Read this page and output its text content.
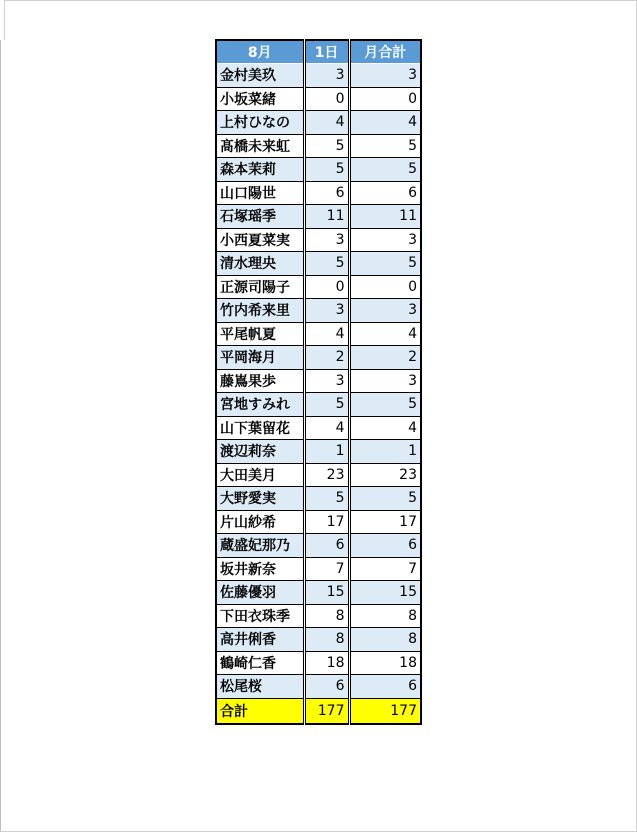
8月	1日	月合計
金村美玖	3	3
小坂菜緒	0	0
上村ひなの	4	4
髙橋未来虹	5	5
森本茉莉	5	5
山口陽世	6	6
石塚瑶季	11	11
小西夏菜実	3	3
清水理央	5	5
正源司陽子	0	0
竹内希来里	3	3
平尾帆夏	4	4
平岡海月	2	2
藤嶌果歩	3	3
宮地すみれ	5	5
山下葉留花	4	4
渡辺莉奈	1	1
大田美月	23	23
大野愛実	5	5
片山紗希	17	17
蔵盛妃那乃	6	6
坂井新奈	7	7
佐藤優羽	15	15
下田衣珠季	8	8
高井俐香	8	8
鶴崎仁香	18	18
松尾桜	6	6
合計	177	177
